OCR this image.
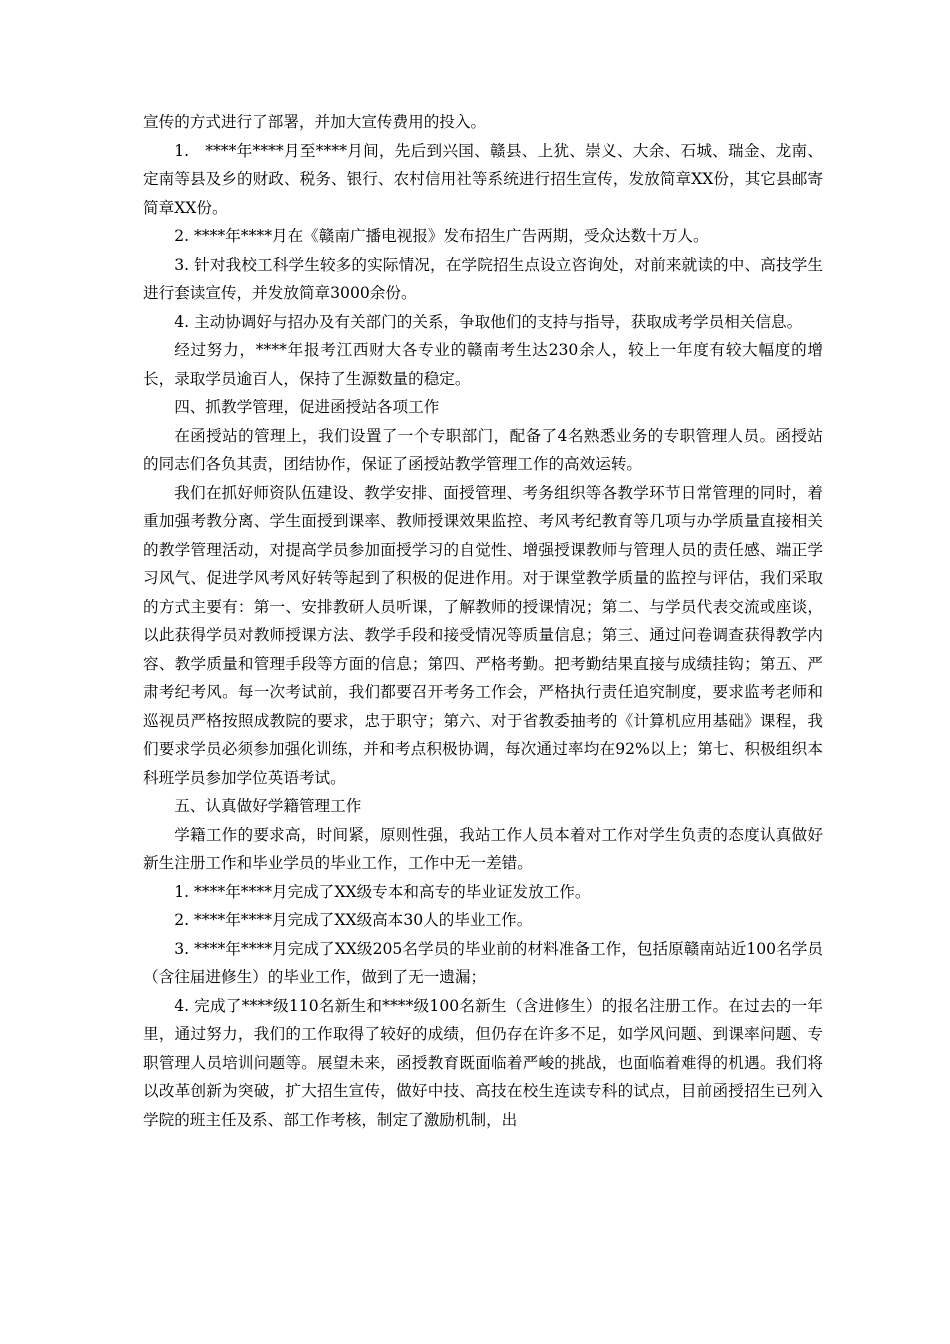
宣传的方式进行了部署，并加大宣传费用的投入。

1.　****年****月至****月间，先后到兴国、赣县、上犹、崇义、大余、石城、瑞金、龙南、定南等县及乡的财政、税务、银行、农村信用社等系统进行招生宣传，发放简章XX份，其它县邮寄简章XX份。

2. ****年****月在《赣南广播电视报》发布招生广告两期，受众达数十万人。

3. 针对我校工科学生较多的实际情况，在学院招生点设立咨询处，对前来就读的中、高技学生进行套读宣传，并发放简章3000余份。

4. 主动协调好与招办及有关部门的关系，争取他们的支持与指导，获取成考学员相关信息。

经过努力，****年报考江西财大各专业的赣南考生达230余人，较上一年度有较大幅度的增长，录取学员逾百人，保持了生源数量的稳定。

四、抓教学管理，促进函授站各项工作

在函授站的管理上，我们设置了一个专职部门，配备了4名熟悉业务的专职管理人员。函授站的同志们各负其责，团结协作，保证了函授站教学管理工作的高效运转。

我们在抓好师资队伍建设、教学安排、面授管理、考务组织等各教学环节日常管理的同时，着重加强考教分离、学生面授到课率、教师授课效果监控、考风考纪教育等几项与办学质量直接相关的教学管理活动，对提高学员参加面授学习的自觉性、增强授课教师与管理人员的责任感、端正学习风气、促进学风考风好转等起到了积极的促进作用。对于课堂教学质量的监控与评估，我们采取的方式主要有：第一、安排教研人员听课，了解教师的授课情况；第二、与学员代表交流或座谈，以此获得学员对教师授课方法、教学手段和接受情况等质量信息；第三、通过问卷调查获得教学内容、教学质量和管理手段等方面的信息；第四、严格考勤。把考勤结果直接与成绩挂钩；第五、严肃考纪考风。每一次考试前，我们都要召开考务工作会，严格执行责任追究制度，要求监考老师和巡视员严格按照成教院的要求，忠于职守；第六、对于省教委抽考的《计算机应用基础》课程，我们要求学员必须参加强化训练，并和考点积极协调，每次通过率均在92%以上；第七、积极组织本科班学员参加学位英语考试。

五、认真做好学籍管理工作

学籍工作的要求高，时间紧，原则性强，我站工作人员本着对工作对学生负责的态度认真做好新生注册工作和毕业学员的毕业工作，工作中无一差错。

1. ****年****月完成了XX级专本和高专的毕业证发放工作。

2. ****年****月完成了XX级高本30人的毕业工作。

3. ****年****月完成了XX级205名学员的毕业前的材料准备工作，包括原赣南站近100名学员（含往届进修生）的毕业工作，做到了无一遗漏；

4. 完成了****级110名新生和****级100名新生（含进修生）的报名注册工作。在过去的一年里，通过努力，我们的工作取得了较好的成绩，但仍存在许多不足，如学风问题、到课率问题、专职管理人员培训问题等。展望未来，函授教育既面临着严峻的挑战，也面临着难得的机遇。我们将以改革创新为突破，扩大招生宣传，做好中技、高技在校生连读专科的试点，目前函授招生已列入学院的班主任及系、部工作考核，制定了激励机制，出
